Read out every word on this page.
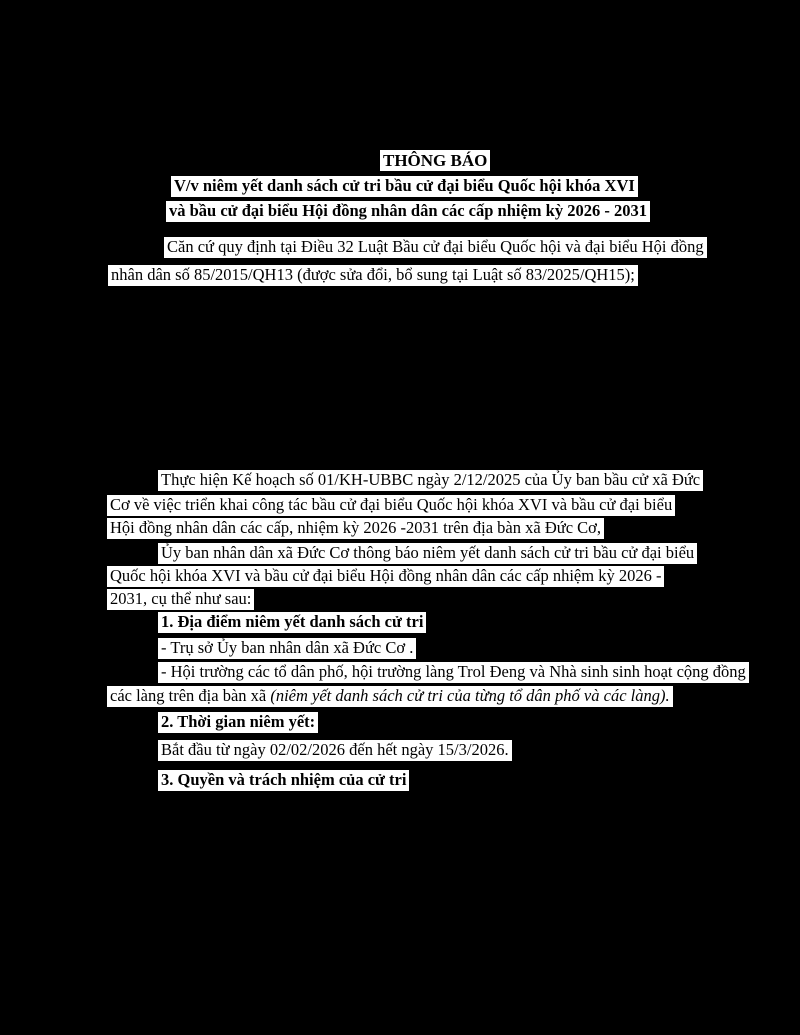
THÔNG BÁO
V/v niêm yết danh sách cử tri bầu cử đại biểu Quốc hội khóa XVI
và bầu cử đại biểu Hội đồng nhân dân các cấp nhiệm kỳ 2026 - 2031
Căn cứ quy định tại Điều 32 Luật Bầu cử đại biểu Quốc hội và đại biểu Hội đồng
nhân dân số 85/2015/QH13 (được sửa đổi, bổ sung tại Luật số 83/2025/QH15);
Thực hiện Kế hoạch số 01/KH-UBBC ngày 2/12/2025 của Ủy ban bầu cử xã Đức
Cơ về việc triển khai công tác bầu cử đại biểu Quốc hội khóa XVI và bầu cử đại biểu
Hội đồng nhân dân các cấp, nhiệm kỳ 2026 -2031 trên địa bàn xã Đức Cơ,
Ủy ban nhân dân xã Đức Cơ thông báo niêm yết danh sách cử tri bầu cử đại biểu
Quốc hội khóa XVI và bầu cử đại biểu Hội đồng nhân dân các cấp nhiệm kỳ 2026 -
2031, cụ thể như sau:
1. Địa điểm niêm yết danh sách cử tri
- Trụ sở Ủy ban nhân dân xã Đức Cơ .
- Hội trường các tổ dân phố, hội trường làng Trol Đeng và Nhà sinh sinh hoạt cộng đồng
các làng trên địa bàn xã (niêm yết danh sách cử tri của từng tổ dân phố và các làng).
2. Thời gian niêm yết:
Bắt đầu từ ngày 02/02/2026 đến hết ngày 15/3/2026.
3. Quyền và trách nhiệm của cử tri
